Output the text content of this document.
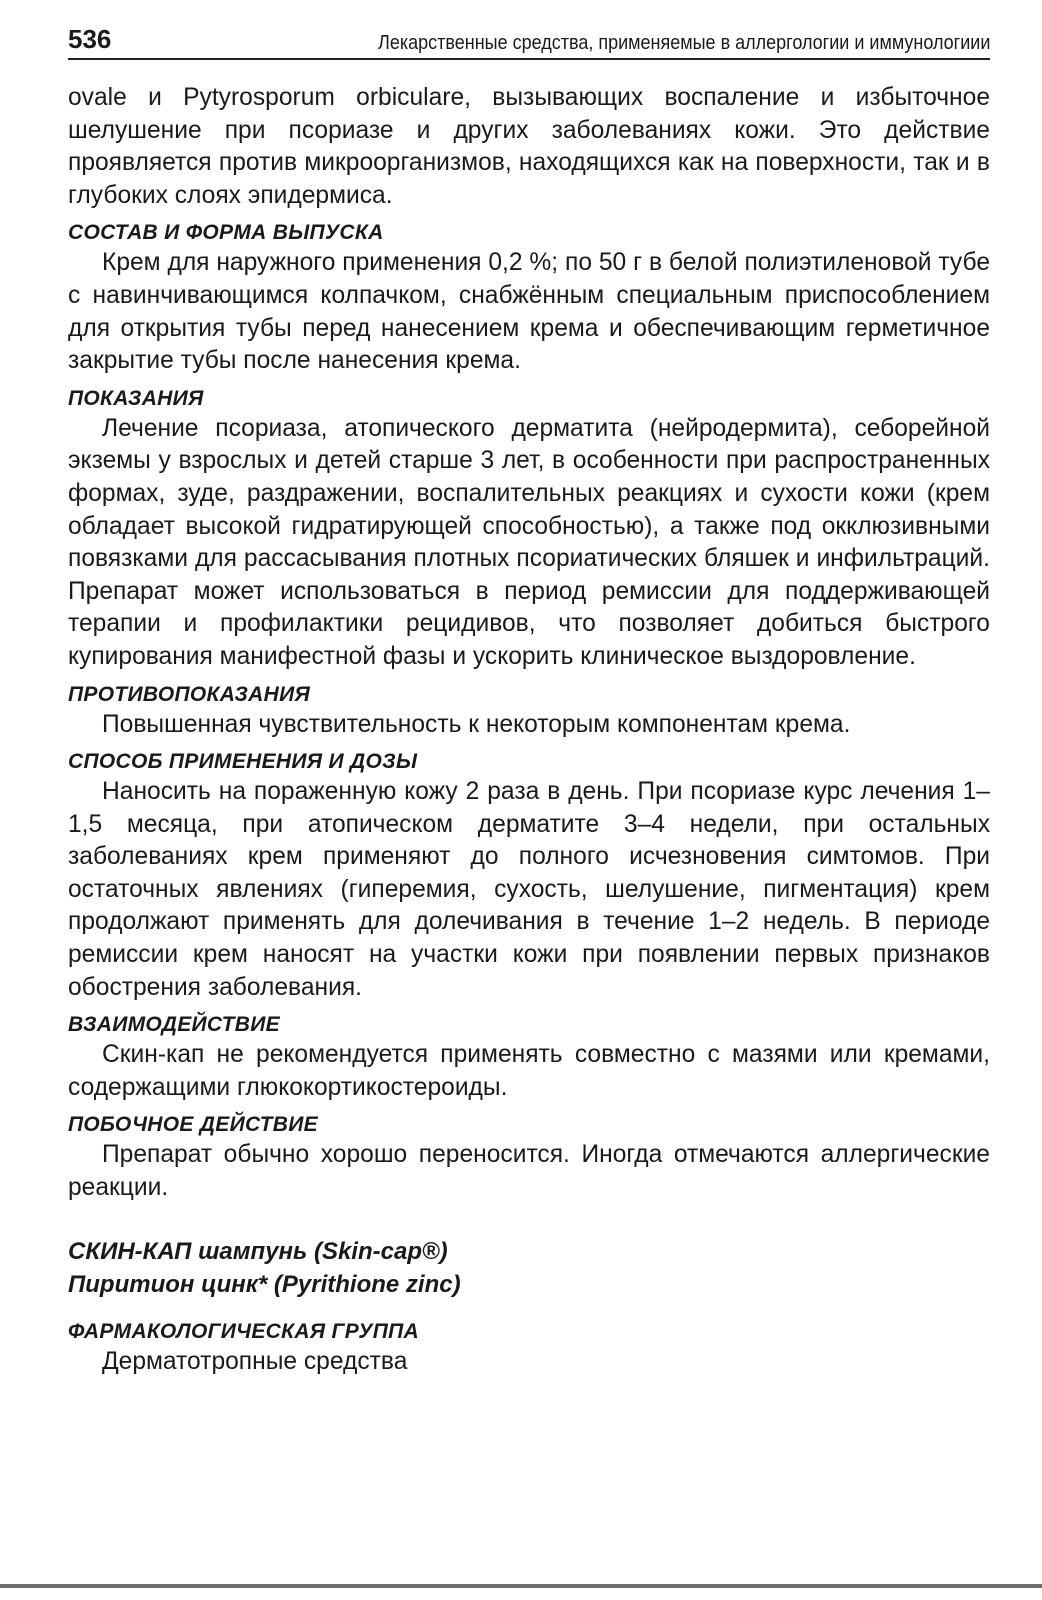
536	Лекарственные средства, применяемые в аллергологии и иммунологиии

ovale и Pytyrosporum orbiculare, вызывающих воспаление и избыточное шелушение при псориазе и других заболеваниях кожи. Это действие проявляется против микроорганизмов, находящихся как на поверхности, так и в глубоких слоях эпидермиса.

СОСТАВ И ФОРМА ВЫПУСКА

Крем для наружного применения 0,2 %; по 50 г в белой полиэтиленовой тубе с навинчивающимся колпачком, снабжённым специальным приспособлением для открытия тубы перед нанесением крема и обеспечивающим герметичное закрытие тубы после нанесения крема.

ПОКАЗАНИЯ

Лечение псориаза, атопического дерматита (нейродермита), себорейной экземы у взрослых и детей старше 3 лет, в особенности при распространенных формах, зуде, раздражении, воспалительных реакциях и сухости кожи (крем обладает высокой гидратирующей способностью), а также под окклюзивными повязками для рассасывания плотных псориатических бляшек и инфильтраций. Препарат может использоваться в период ремиссии для поддерживающей терапии и профилактики рецидивов, что позволяет добиться быстрого купирования манифестной фазы и ускорить клиническое выздоровление.

ПРОТИВОПОКАЗАНИЯ

Повышенная чувствительность к некоторым компонентам крема.

СПОСОБ ПРИМЕНЕНИЯ И ДОЗЫ

Наносить на пораженную кожу 2 раза в день. При псориазе курс лечения 1–1,5 месяца, при атопическом дерматите 3–4 недели, при остальных заболеваниях крем применяют до полного исчезновения симтомов. При остаточных явлениях (гиперемия, сухость, шелушение, пигментация) крем продолжают применять для долечивания в течение 1–2 недель. В периоде ремиссии крем наносят на участки кожи при появлении первых признаков обострения заболевания.

ВЗАИМОДЕЙСТВИЕ

Скин-кап не рекомендуется применять совместно с мазями или кремами, содержащими глюкокортикостероиды.

ПОБОЧНОЕ ДЕЙСТВИЕ

Препарат обычно хорошо переносится. Иногда отмечаются аллергические реакции.

СКИН-КАП шампунь (Skin-cap®)
Пиритион цинк* (Pyrithione zinc)
ФАРМАКОЛОГИЧЕСКАЯ ГРУППА

Дерматотропные средства
